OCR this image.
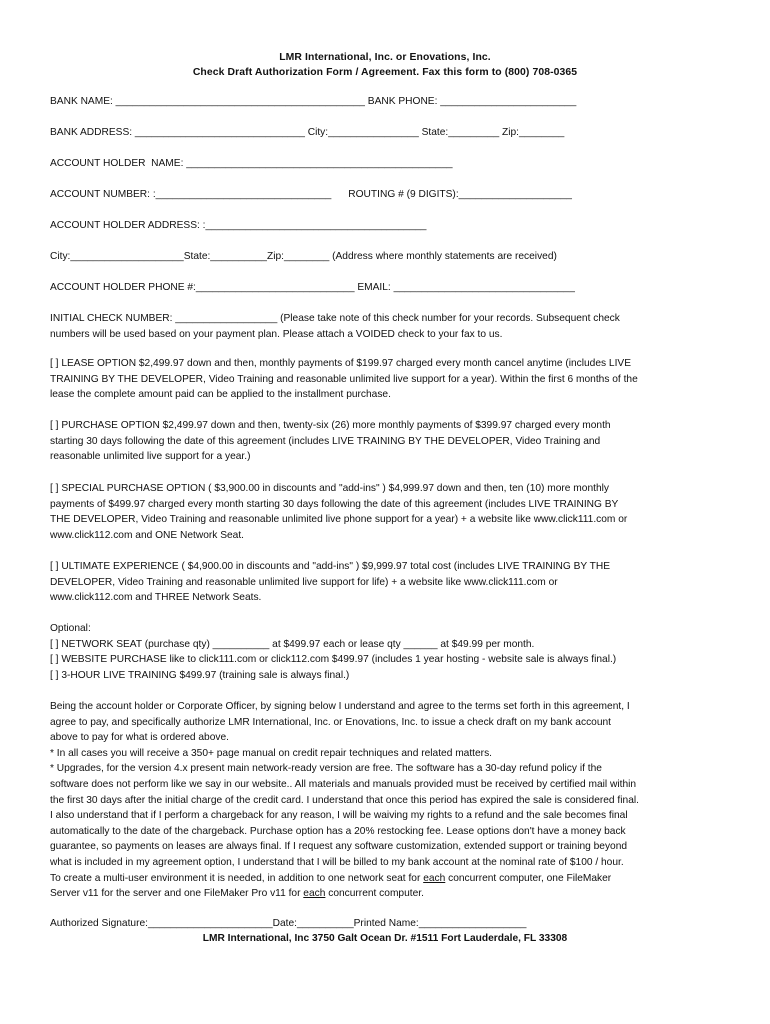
LMR International, Inc. or Enovations, Inc.
Check Draft Authorization Form / Agreement. Fax this form to (800) 708-0365
BANK NAME: ____________________________________________ BANK PHONE: ________________________
BANK ADDRESS: ______________________________ City:________________ State:_________ Zip:________
ACCOUNT HOLDER  NAME: _______________________________________________
ACCOUNT NUMBER: :_______________________________      ROUTING # (9 DIGITS):____________________
ACCOUNT HOLDER ADDRESS: :_______________________________________
City:____________________State:__________Zip:________ (Address where monthly statements are received)
ACCOUNT HOLDER PHONE #:____________________________ EMAIL: ________________________________
INITIAL CHECK NUMBER: __________________ (Please take note of this check number for your records. Subsequent check
numbers will be used based on your payment plan. Please attach a VOIDED check to your fax to us.
[ ] LEASE OPTION $2,499.97 down and then, monthly payments of $199.97 charged every month cancel anytime (includes LIVE
TRAINING BY THE DEVELOPER, Video Training and reasonable unlimited live support for a year). Within the first 6 months of the
lease the complete amount paid can be applied to the installment purchase.
[ ] PURCHASE OPTION $2,499.97 down and then, twenty-six (26) more monthly payments of $399.97 charged every month
starting 30 days following the date of this agreement (includes LIVE TRAINING BY THE DEVELOPER, Video Training and
reasonable unlimited live support for a year.)
[ ] SPECIAL PURCHASE OPTION ( $3,900.00 in discounts and "add-ins" ) $4,999.97 down and then, ten (10) more monthly
payments of $499.97 charged every month starting 30 days following the date of this agreement (includes LIVE TRAINING BY
THE DEVELOPER, Video Training and reasonable unlimited live phone support for a year) + a website like www.click111.com or
www.click112.com and ONE Network Seat.
[ ] ULTIMATE EXPERIENCE ( $4,900.00 in discounts and "add-ins" ) $9,999.97 total cost (includes LIVE TRAINING BY THE
DEVELOPER, Video Training and reasonable unlimited live support for life) + a website like www.click111.com or
www.click112.com and THREE Network Seats.
Optional:
[ ] NETWORK SEAT (purchase qty) __________ at $499.97 each or lease qty ______ at $49.99 per month.
[ ] WEBSITE PURCHASE like to click111.com or click112.com $499.97 (includes 1 year hosting - website sale is always final.)
[ ] 3-HOUR LIVE TRAINING $499.97 (training sale is always final.)
Being the account holder or Corporate Officer, by signing below I understand and agree to the terms set forth in this agreement, I
agree to pay, and specifically authorize LMR International, Inc. or Enovations, Inc. to issue a check draft on my bank account
above to pay for what is ordered above.
* In all cases you will receive a 350+ page manual on credit repair techniques and related matters.
* Upgrades, for the version 4.x present main network-ready version are free. The software has a 30-day refund policy if the
software does not perform like we say in our website.. All materials and manuals provided must be received by certified mail within
the first 30 days after the initial charge of the credit card. I understand that once this period has expired the sale is considered final.
I also understand that if I perform a chargeback for any reason, I will be waiving my rights to a refund and the sale becomes final
automatically to the date of the chargeback. Purchase option has a 20% restocking fee. Lease options don't have a money back
guarantee, so payments on leases are always final. If I request any software customization, extended support or training beyond
what is included in my agreement option, I understand that I will be billed to my bank account at the nominal rate of $100 / hour.
To create a multi-user environment it is needed, in addition to one network seat for each concurrent computer, one FileMaker
Server v11 for the server and one FileMaker Pro v11 for each concurrent computer.
Authorized Signature:______________________Date:__________Printed Name:___________________
LMR International, Inc 3750 Galt Ocean Dr. #1511 Fort Lauderdale, FL 33308
